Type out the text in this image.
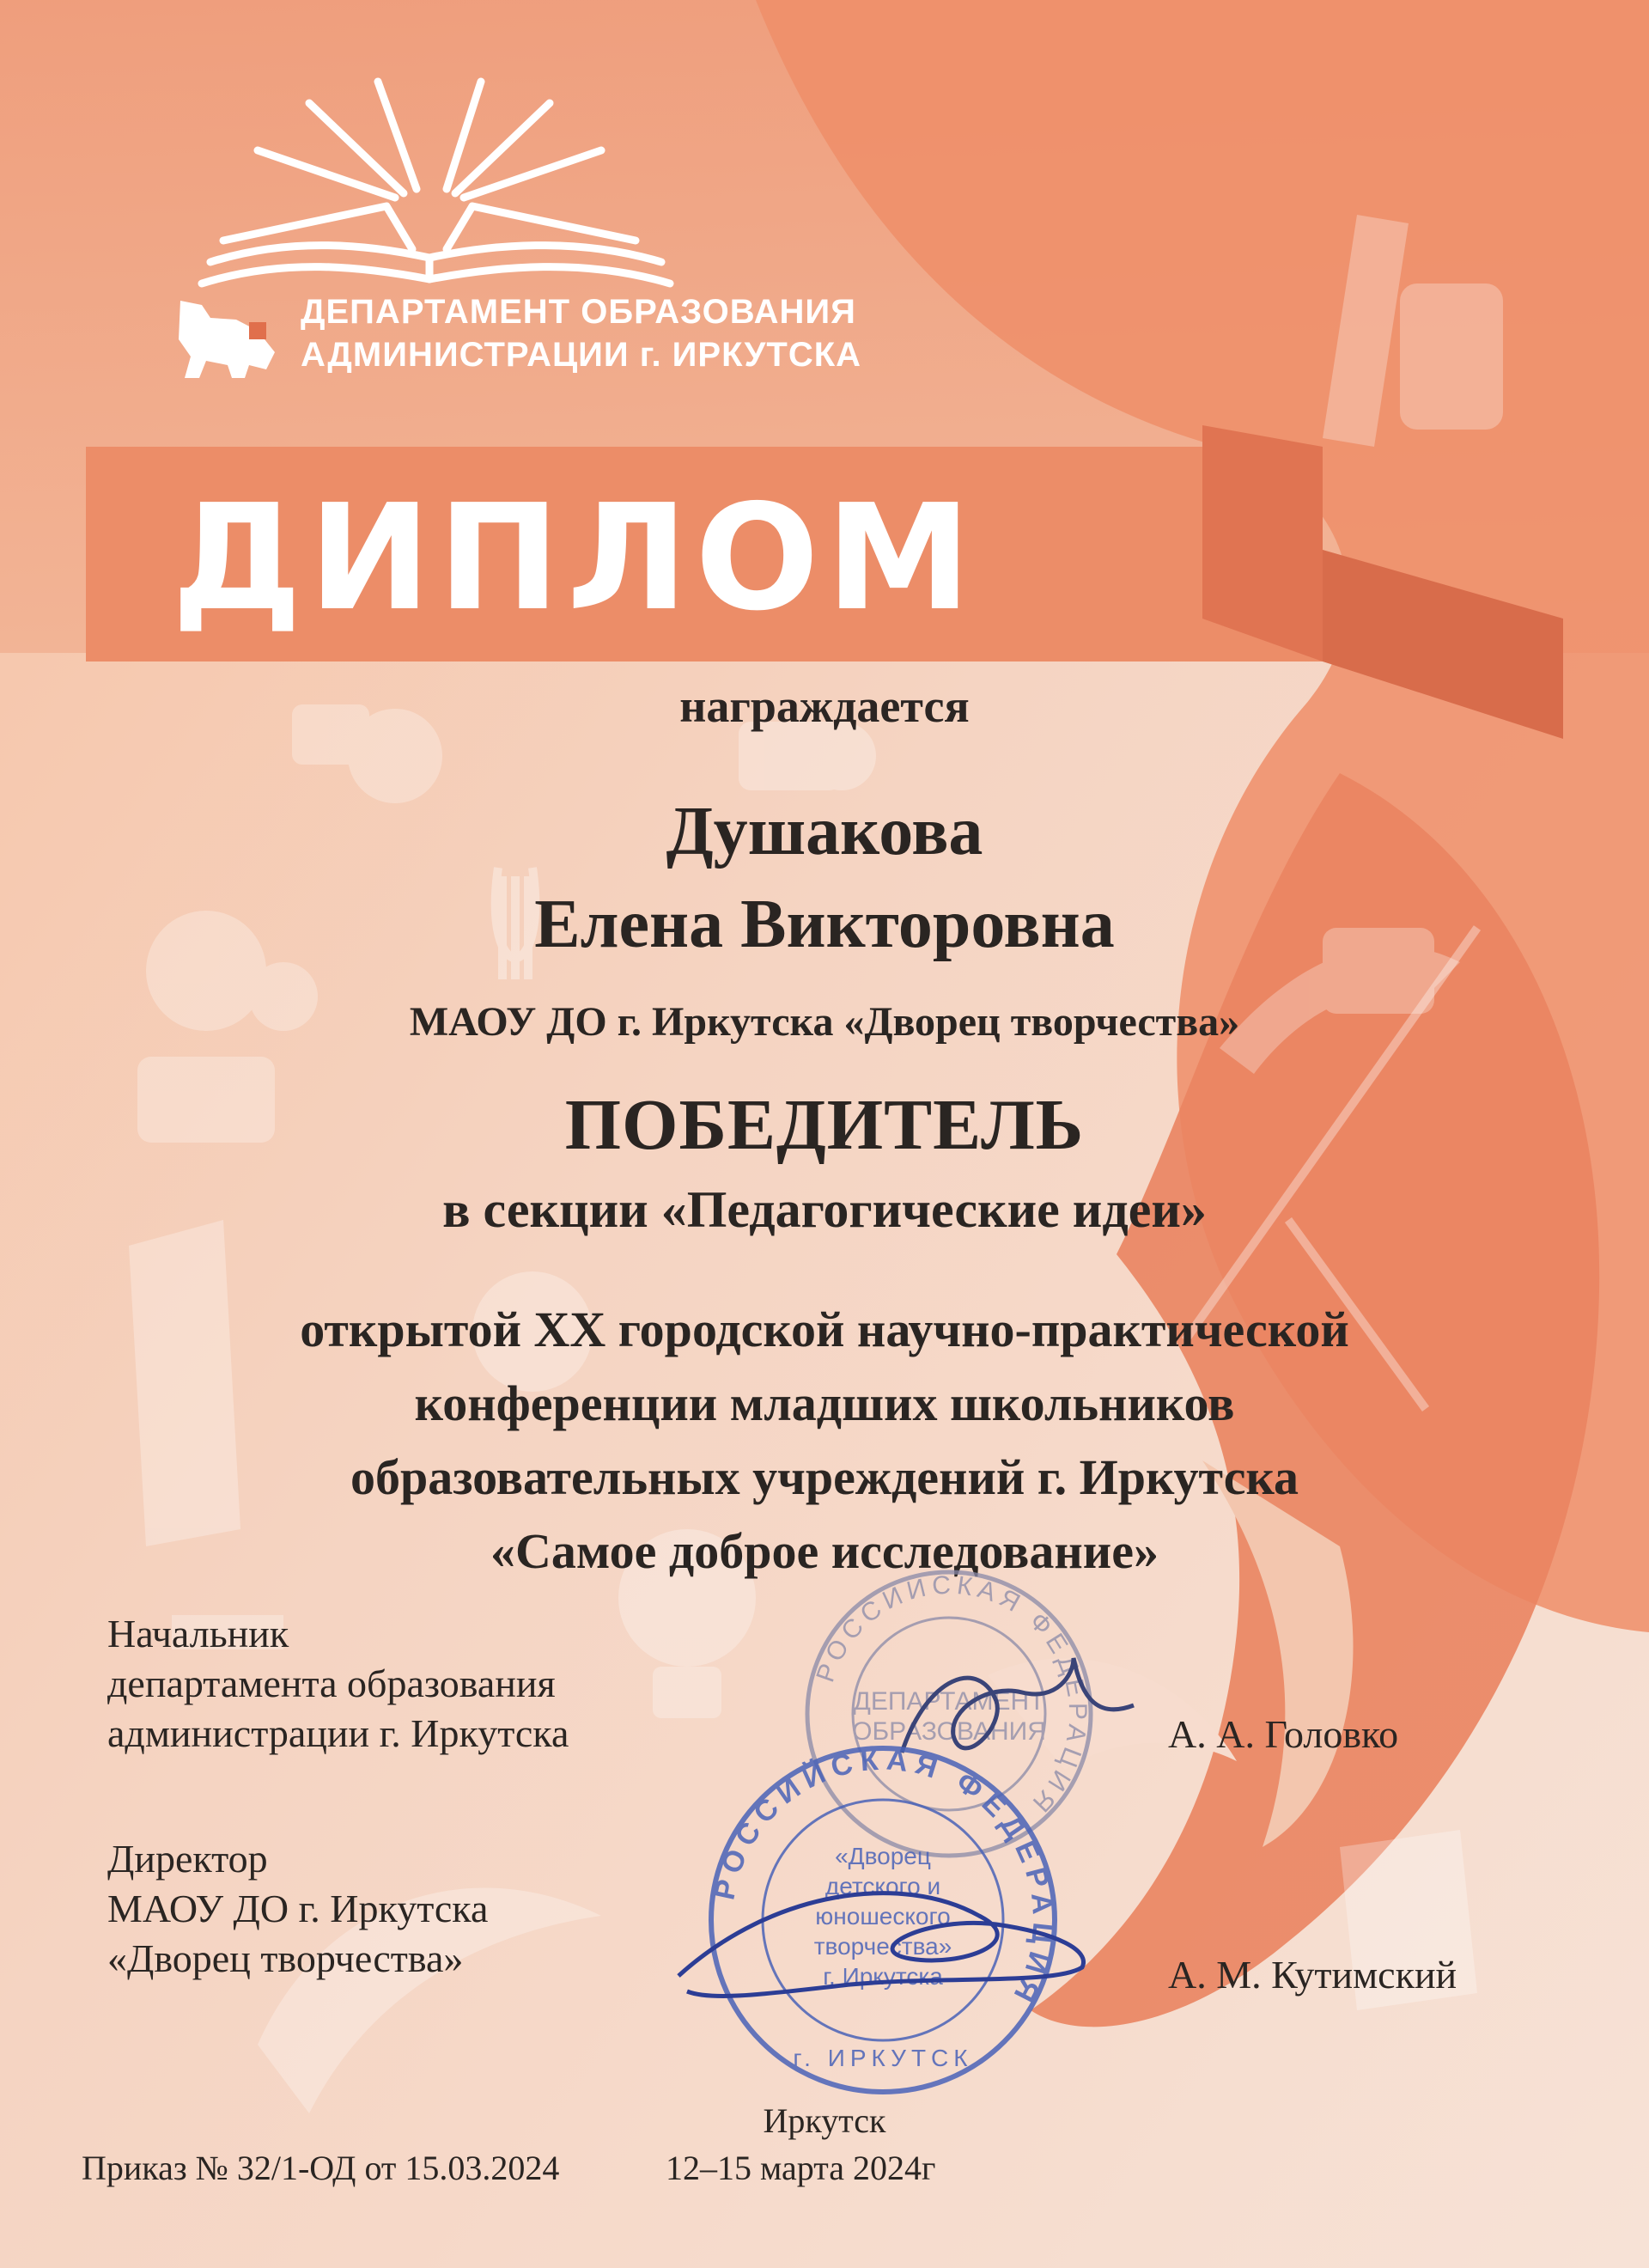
ДЕПАРТАМЕНТ ОБРАЗОВАНИЯ
АДМИНИСТРАЦИИ г. ИРКУТСКА
ДИПЛОМ
награждается
Душакова
Елена Викторовна
МАОУ ДО г. Иркутска «Дворец творчества»
ПОБЕДИТЕЛЬ
в секции «Педагогические идеи»
открытой XX городской научно-практической
конференции младших школьников
образовательных учреждений г. Иркутска
«Самое доброе исследование»
РОССИЙСКАЯ ФЕДЕРАЦИЯ
ДЕПАРТАМЕНТ
ОБРАЗОВАНИЯ
РОССИЙСКАЯ ФЕДЕРАЦИЯ
«Дворец
детского и
юношеского
творчества»
г. Иркутска
г. ИРКУТСК
Начальник
департамента образования
администрации г. Иркутска	А. А. Головко
Директор
МАОУ ДО г. Иркутска
«Дворец творчества»	А. М. Кутимский
Иркутск
Приказ № 32/1-ОД от 15.03.2024	12–15 марта 2024г
